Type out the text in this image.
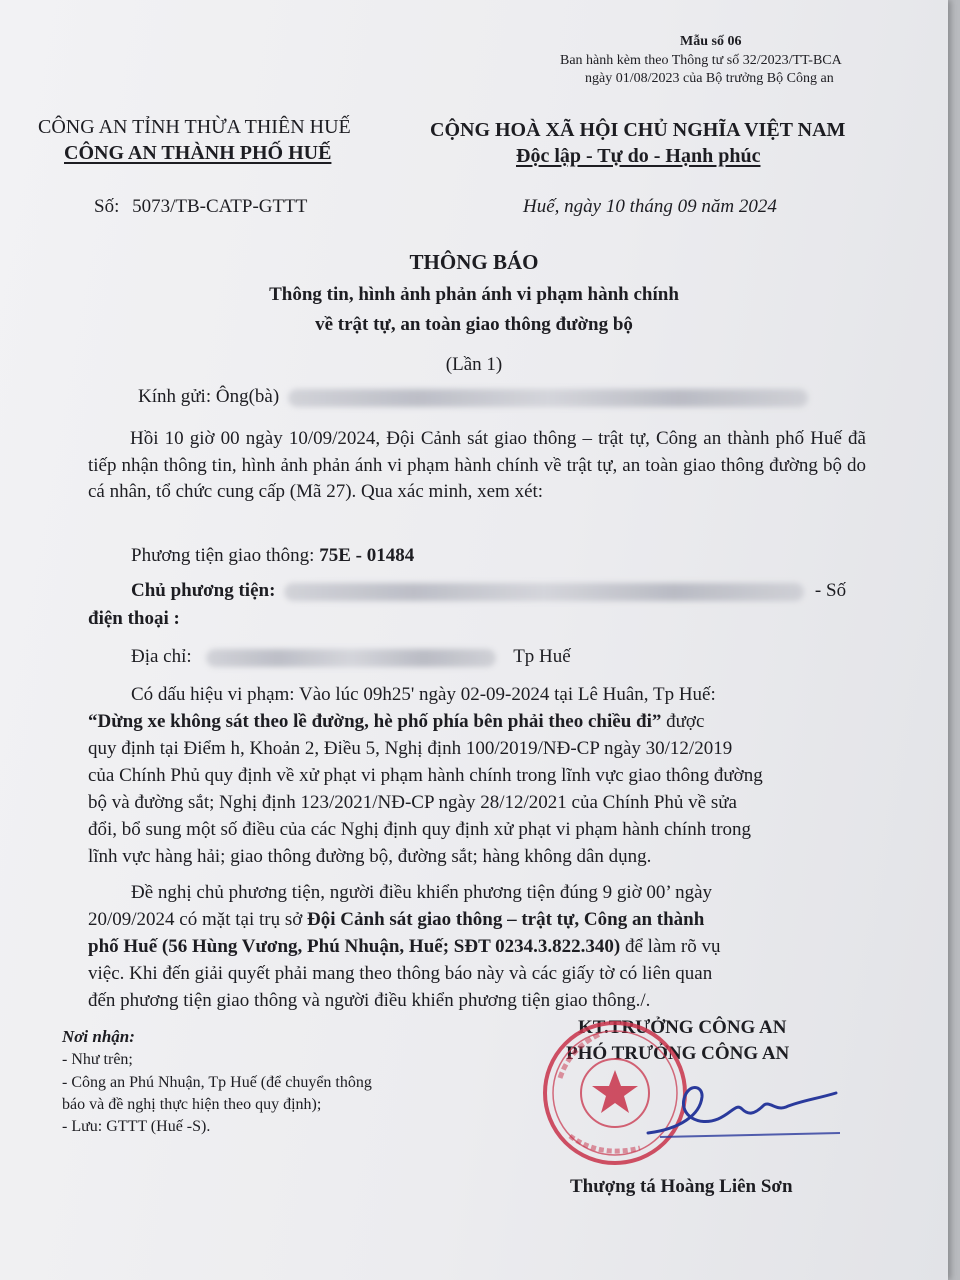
Mẫu số 06
Ban hành kèm theo Thông tư số 32/2023/TT-BCA
ngày 01/08/2023 của Bộ trưởng Bộ Công an
CÔNG AN TỈNH THỪA THIÊN HUẾ
CÔNG AN THÀNH PHỐ HUẾ
Số: 5073/TB-CATP-GTTT
CỘNG HOÀ XÃ HỘI CHỦ NGHĨA VIỆT NAM
Độc lập - Tự do - Hạnh phúc
Huế, ngày 10 tháng 09 năm 2024
THÔNG BÁO
Thông tin, hình ảnh phản ánh vi phạm hành chính
về trật tự, an toàn giao thông đường bộ
(Lần 1)
Kính gửi: Ông(bà)
Hồi 10 giờ 00 ngày 10/09/2024, Đội Cảnh sát giao thông – trật tự, Công an thành phố Huế đã tiếp nhận thông tin, hình ảnh phản ánh vi phạm hành chính về trật tự, an toàn giao thông đường bộ do cá nhân, tổ chức cung cấp (Mã 27). Qua xác minh, xem xét:
Phương tiện giao thông: 75E - 01484
Chủ phương tiện:	- Số
điện thoại :
Địa chỉ:	Tp Huế
Có dấu hiệu vi phạm: Vào lúc 09h25' ngày 02-09-2024 tại Lê Huân, Tp Huế:
“Dừng xe không sát theo lề đường, hè phố phía bên phải theo chiều đi” được
quy định tại Điểm h, Khoản 2, Điều 5, Nghị định 100/2019/NĐ-CP ngày 30/12/2019
của Chính Phủ quy định về xử phạt vi phạm hành chính trong lĩnh vực giao thông đường
bộ và đường sắt; Nghị định 123/2021/NĐ-CP ngày 28/12/2021 của Chính Phủ về sửa
đổi, bổ sung một số điều của các Nghị định quy định xử phạt vi phạm hành chính trong
lĩnh vực hàng hải; giao thông đường bộ, đường sắt; hàng không dân dụng.
Đề nghị chủ phương tiện, người điều khiển phương tiện đúng 9 giờ 00’ ngày
20/09/2024 có mặt tại trụ sở Đội Cảnh sát giao thông – trật tự, Công an thành
phố Huế (56 Hùng Vương, Phú Nhuận, Huế; SĐT 0234.3.822.340) để làm rõ vụ
việc. Khi đến giải quyết phải mang theo thông báo này và các giấy tờ có liên quan
đến phương tiện giao thông và người điều khiển phương tiện giao thông./.
Nơi nhận:
- Như trên;
- Công an Phú Nhuận, Tp Huế (để chuyển thông
báo và đề nghị thực hiện theo quy định);
- Lưu: GTTT (Huế -S).
KT.TRƯỞNG CÔNG AN
PHÓ TRƯỞNG CÔNG AN
Thượng tá Hoàng Liên Sơn
